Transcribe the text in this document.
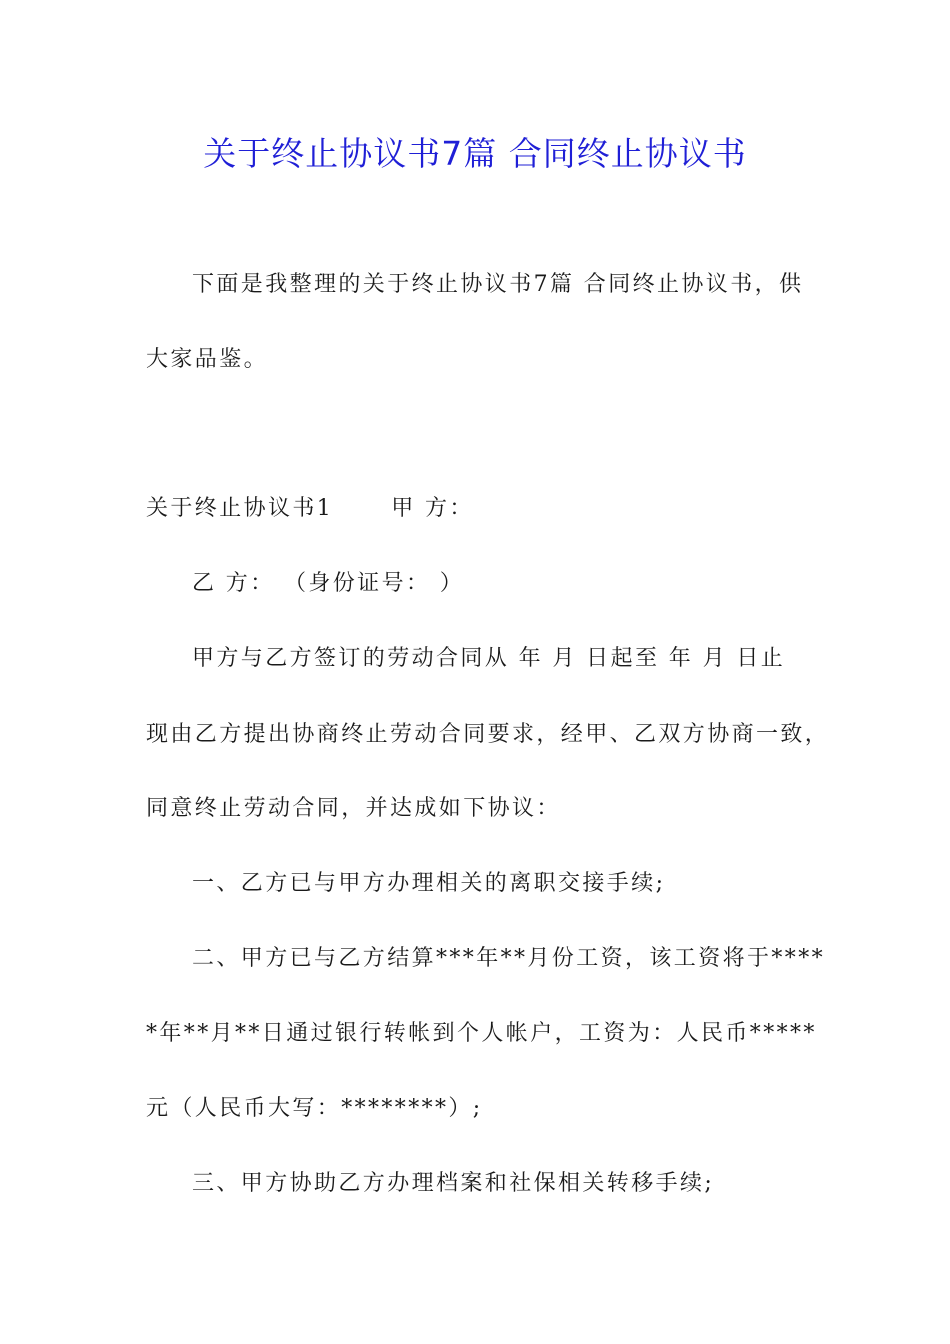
关于终止协议书7篇 合同终止协议书
下面是我整理的关于终止协议书7篇 合同终止协议书，供
大家品鉴。
关于终止协议书1	甲 方：
乙 方： （身份证号： ）
甲方与乙方签订的劳动合同从 年 月 日起至 年 月 日止
现由乙方提出协商终止劳动合同要求，经甲、乙双方协商一致，
同意终止劳动合同，并达成如下协议：
一、乙方已与甲方办理相关的离职交接手续;
二、甲方已与乙方结算***年**月份工资，该工资将于****
*年**月**日通过银行转帐到个人帐户，工资为：人民币*****
元（人民币大写：********）;
三、甲方协助乙方办理档案和社保相关转移手续;
